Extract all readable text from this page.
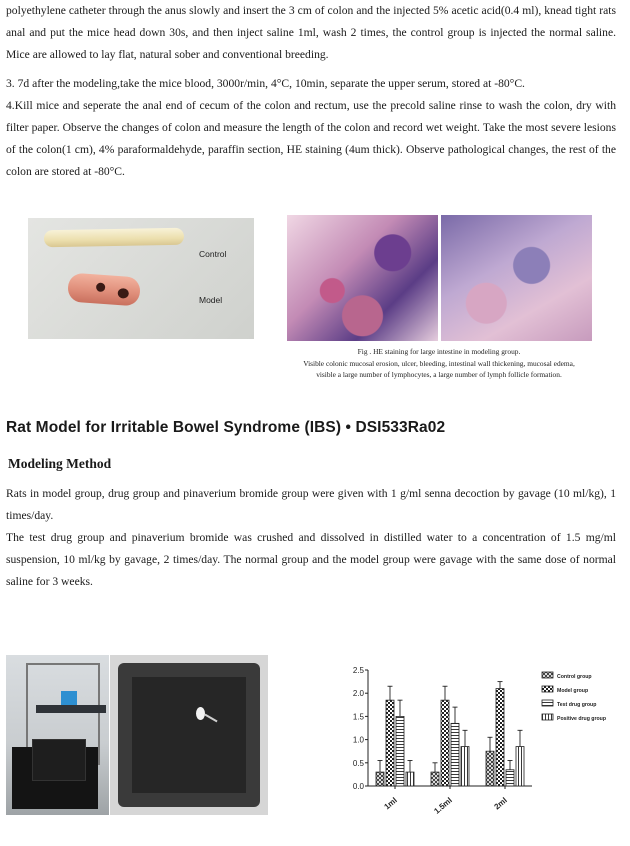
polyethylene catheter through the anus slowly and insert the 3 cm of colon and the injected 5% acetic acid(0.4 ml), knead tight rats anal and put the mice head down 30s, and then inject saline 1ml, wash 2 times, the control group is injected the normal saline. Mice are allowed to lay flat, natural sober and conventional breeding.

3. 7d after the modeling,take the mice blood, 3000r/min, 4°C, 10min, separate the upper serum, stored at -80°C.

4.Kill mice and seperate the anal end of cecum of the colon and rectum, use the precold saline rinse to wash the colon, dry with filter paper. Observe the changes of colon and measure the length of the colon and record wet weight. Take the most severe lesions of the colon(1 cm), 4% paraformaldehyde, paraffin section, HE staining (4um thick). Observe pathological changes, the rest of the colon are stored at -80°C.

Control
Model

Fig . HE staining for large intestine in modeling group.

Visible colonic mucosal erosion, ulcer, bleeding, intestinal wall thickening, mucosal edema,

visible a large number of lymphocytes, a large number of lymph follicle formation.

Rat Model for Irritable Bowel Syndrome (IBS) • DSI533Ra02
Modeling Method

Rats in model group, drug group and pinaverium bromide group were given with 1 g/ml senna decoction by gavage (10 ml/kg), 1 times/day.

The test drug group and pinaverium bromide was crushed and dissolved in distilled water to a concentration of 1.5 mg/ml suspension, 10 ml/kg by gavage, 2 times/day. The normal group and the model group were gavage with the same dose of normal saline for 3 weeks.

0.0
0.5
1.0
1.5
2.0
2.5
1ml	1.5ml	2ml
Control group
Model group
Test drug group
Positive drug group
